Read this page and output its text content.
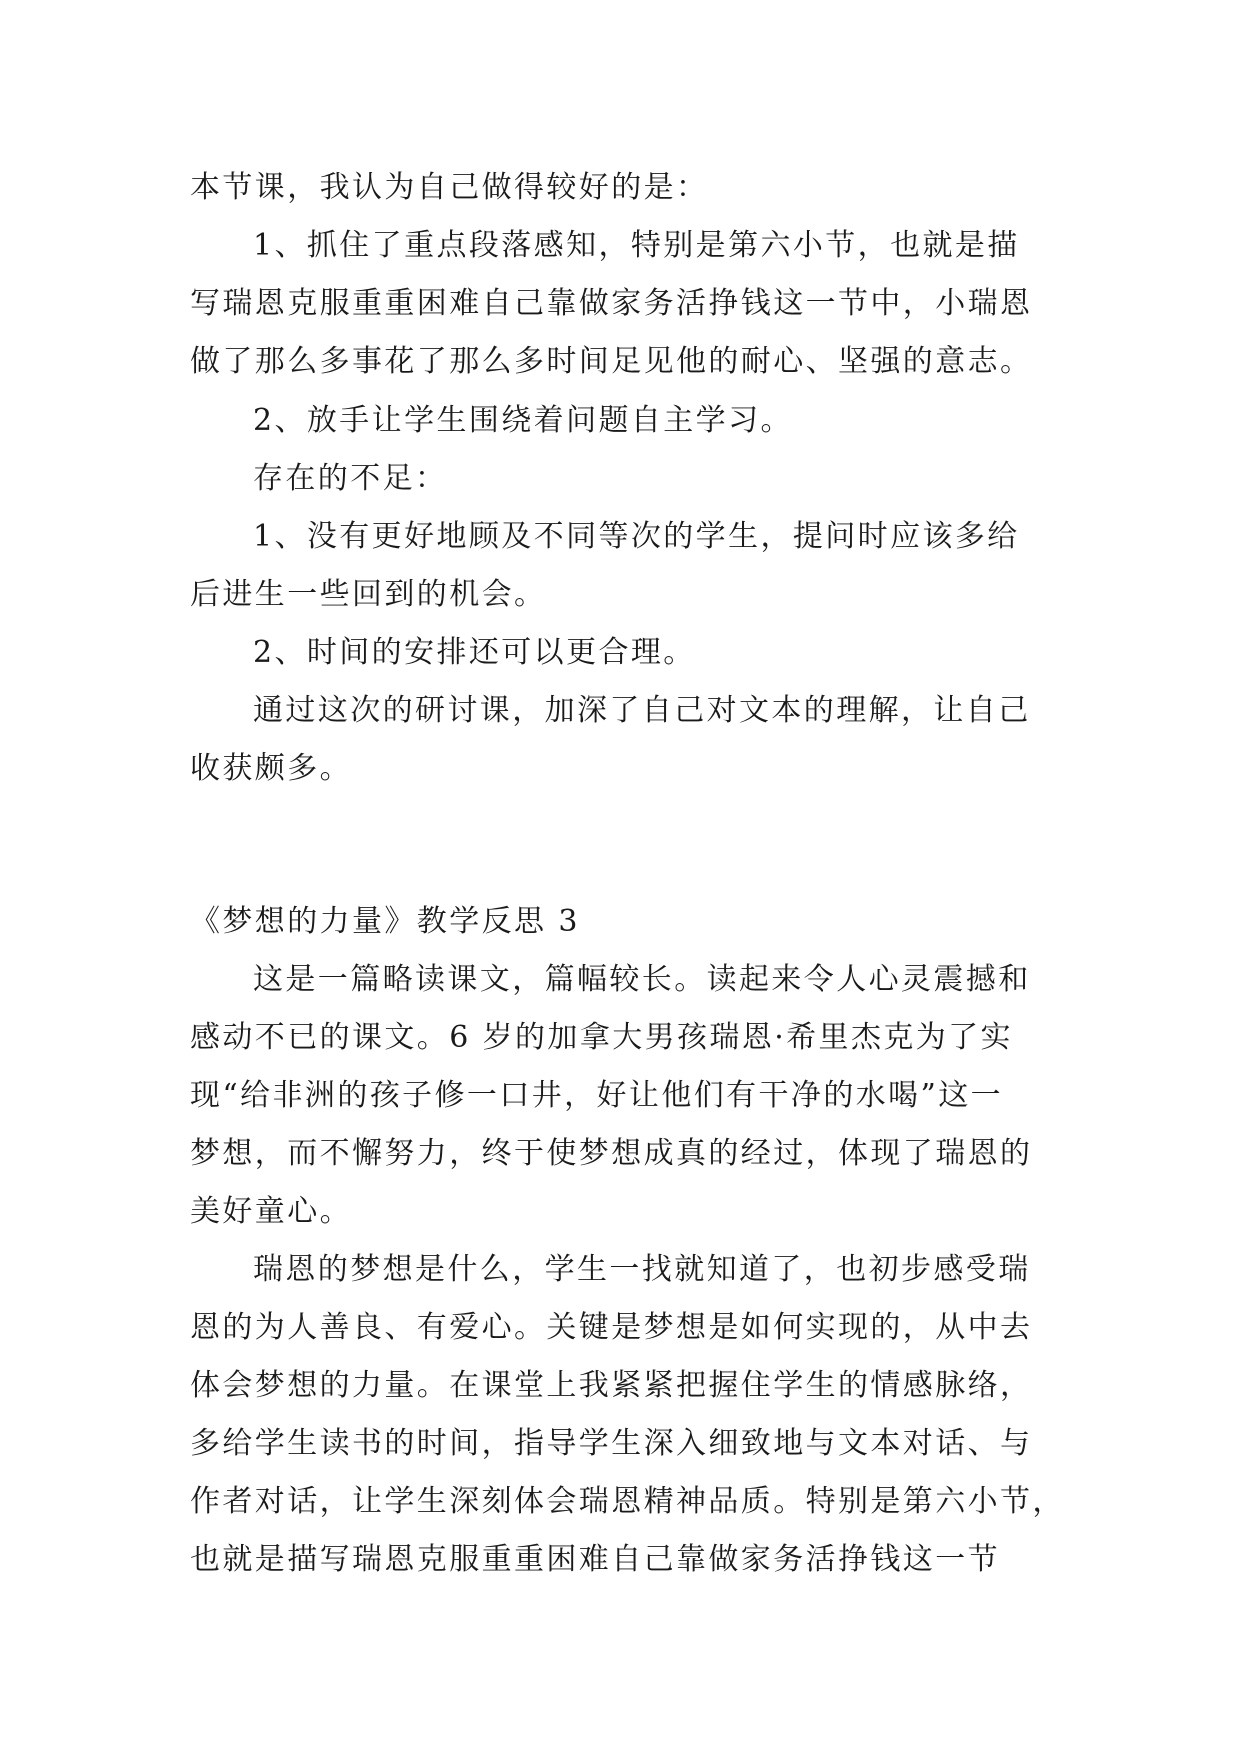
本节课，我认为自己做得较好的是：
1、抓住了重点段落感知，特别是第六小节，也就是描
写瑞恩克服重重困难自己靠做家务活挣钱这一节中，小瑞恩
做了那么多事花了那么多时间足见他的耐心、坚强的意志。
2、放手让学生围绕着问题自主学习。
存在的不足：
1、没有更好地顾及不同等次的学生，提问时应该多给
后进生一些回到的机会。
2、时间的安排还可以更合理。
通过这次的研讨课，加深了自己对文本的理解，让自己
收获颇多。
《梦想的力量》教学反思 3
这是一篇略读课文，篇幅较长。读起来令人心灵震撼和
感动不已的课文。6 岁的加拿大男孩瑞恩·希里杰克为了实
现“给非洲的孩子修一口井，好让他们有干净的水喝”这一
梦想，而不懈努力，终于使梦想成真的经过，体现了瑞恩的
美好童心。
瑞恩的梦想是什么，学生一找就知道了，也初步感受瑞
恩的为人善良、有爱心。关键是梦想是如何实现的，从中去
体会梦想的力量。在课堂上我紧紧把握住学生的情感脉络，
多给学生读书的时间，指导学生深入细致地与文本对话、与
作者对话，让学生深刻体会瑞恩精神品质。特别是第六小节，
也就是描写瑞恩克服重重困难自己靠做家务活挣钱这一节
